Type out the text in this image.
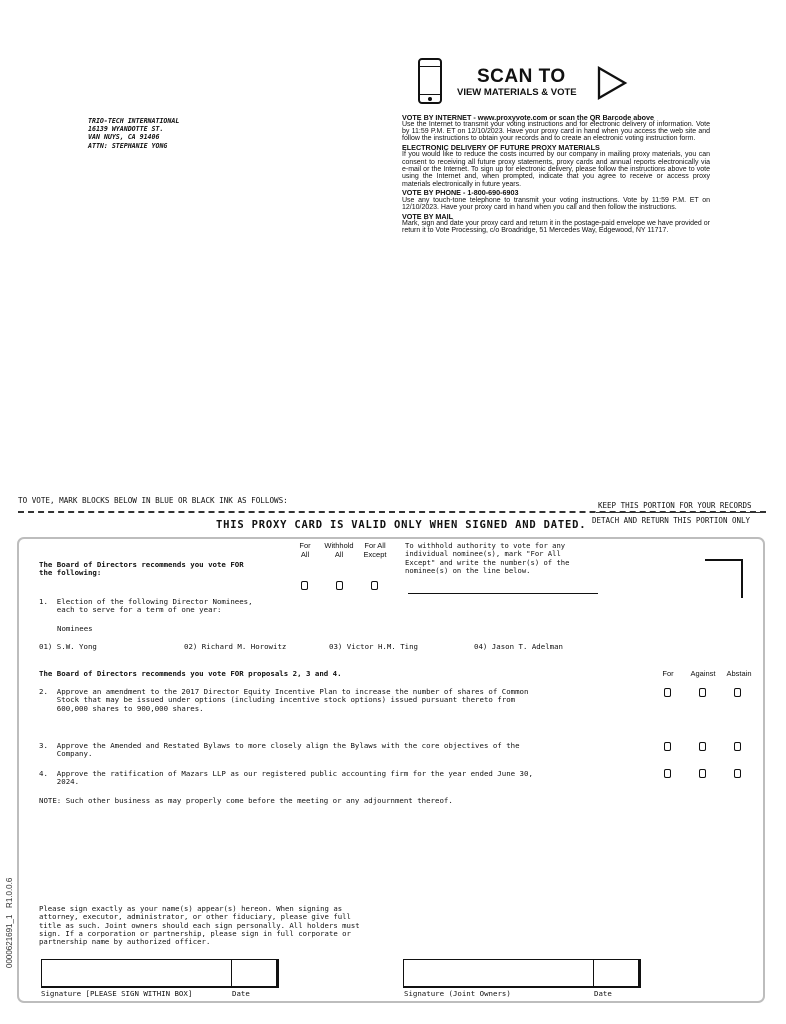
TRIO-TECH INTERNATIONAL
16139 WYANDOTTE ST.
VAN NUYS, CA 91406
ATTN: STEPHANIE YONG
SCAN TO
VIEW MATERIALS & VOTE
VOTE BY INTERNET - www.proxyvote.com or scan the QR Barcode above
Use the Internet to transmit your voting instructions and for electronic delivery of information. Vote by 11:59 P.M. ET on 12/10/2023. Have your proxy card in hand when you access the web site and follow the instructions to obtain your records and to create an electronic voting instruction form.
ELECTRONIC DELIVERY OF FUTURE PROXY MATERIALS
If you would like to reduce the costs incurred by our company in mailing proxy materials, you can consent to receiving all future proxy statements, proxy cards and annual reports electronically via e-mail or the Internet. To sign up for electronic delivery, please follow the instructions above to vote using the Internet and, when prompted, indicate that you agree to receive or access proxy materials electronically in future years.
VOTE BY PHONE - 1-800-690-6903
Use any touch-tone telephone to transmit your voting instructions. Vote by 11:59 P.M. ET on 12/10/2023. Have your proxy card in hand when you call and then follow the instructions.
VOTE BY MAIL
Mark, sign and date your proxy card and return it in the postage-paid envelope we have provided or return it to Vote Processing, c/o Broadridge, 51 Mercedes Way, Edgewood, NY 11717.
TO VOTE, MARK BLOCKS BELOW IN BLUE OR BLACK INK AS FOLLOWS:
KEEP THIS PORTION FOR YOUR RECORDS
DETACH AND RETURN THIS PORTION ONLY
THIS PROXY CARD IS VALID ONLY WHEN SIGNED AND DATED.
For All
Withhold All
For All Except
To withhold authority to vote for any
individual nominee(s), mark "For All
Except" and write the number(s) of the
nominee(s) on the line below.
The Board of Directors recommends you vote FOR
the following:
1.  Election of the following Director Nominees,
each to serve for a term of one year:
Nominees
01) S.W. Yong	02) Richard M. Horowitz	03) Victor H.M. Ting	04) Jason T. Adelman
The Board of Directors recommends you vote FOR proposals 2, 3 and 4.	For	Against	Abstain
2.  Approve an amendment to the 2017 Director Equity Incentive Plan to increase the number of shares of Common
Stock that may be issued under options (including incentive stock options) issued pursuant thereto from
600,000 shares to 900,000 shares.
3.  Approve the Amended and Restated Bylaws to more closely align the Bylaws with the core objectives of the
Company.
4.  Approve the ratification of Mazars LLP as our registered public accounting firm for the year ended June 30,
2024.
NOTE: Such other business as may properly come before the meeting or any adjournment thereof.
Please sign exactly as your name(s) appear(s) hereon. When signing as
attorney, executor, administrator, or other fiduciary, please give full
title as such. Joint owners should each sign personally. All holders must
sign. If a corporation or partnership, please sign in full corporate or
partnership name by authorized officer.
Signature [PLEASE SIGN WITHIN BOX]	Date	Signature (Joint Owners)	Date
0000621691_1   R1.0.0.6
